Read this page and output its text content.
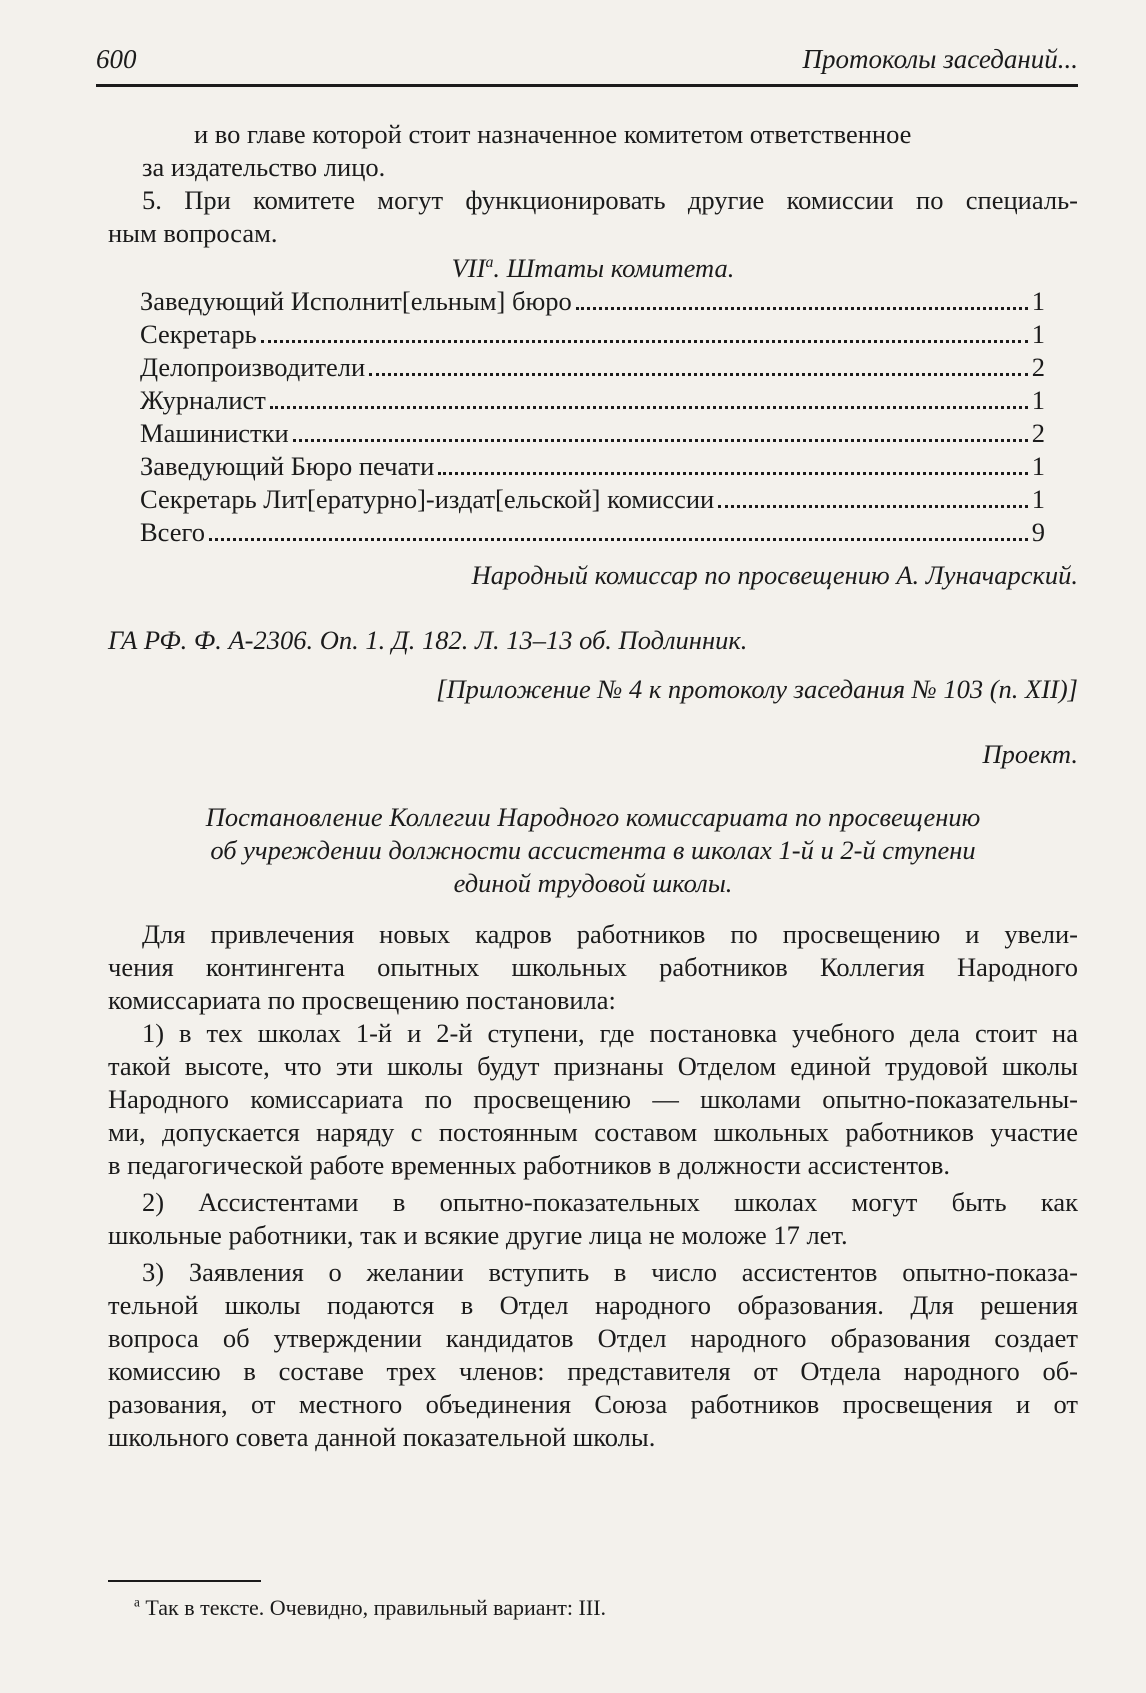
600	Протоколы заседаний...
и во главе которой стоит назначенное комитетом ответственное
за издательство лицо.
5. При комитете могут функционировать другие комиссии по специаль-
ным вопросам.
VII$^a$. Штаты комитета.
Заведующий Исполнит[ельным] бюро	1
Секретарь	1
Делопроизводители	2
Журналист	1
Машинистки	2
Заведующий Бюро печати	1
Секретарь Лит[ературно]-издат[ельской] комиссии	1
Всего	9
Народный комиссар по просвещению А. Луначарский.
ГА РФ. Ф. А-2306. Оп. 1. Д. 182. Л. 13–13 об. Подлинник.
[Приложение № 4 к протоколу заседания № 103 (п. XII)]
Проект.
Постановление Коллегии Народного комиссариата по просвещению
об учреждении должности ассистента в школах 1-й и 2-й ступени
единой трудовой школы.
Для привлечения новых кадров работников по просвещению и увели-
чения контингента опытных школьных работников Коллегия Народного
комиссариата по просвещению постановила:
1) в тех школах 1-й и 2-й ступени, где постановка учебного дела стоит на
такой высоте, что эти школы будут признаны Отделом единой трудовой школы
Народного комиссариата по просвещению — школами опытно-показательны-
ми, допускается наряду с постоянным составом школьных работников участие
в педагогической работе временных работников в должности ассистентов.
2) Ассистентами в опытно-показательных школах могут быть как
школьные работники, так и всякие другие лица не моложе 17 лет.
3) Заявления о желании вступить в число ассистентов опытно-показа-
тельной школы подаются в Отдел народного образования. Для решения
вопроса об утверждении кандидатов Отдел народного образования создает
комиссию в составе трех членов: представителя от Отдела народного об-
разования, от местного объединения Союза работников просвещения и от
школьного совета данной показательной школы.
$^a$ Так в тексте. Очевидно, правильный вариант: III.
